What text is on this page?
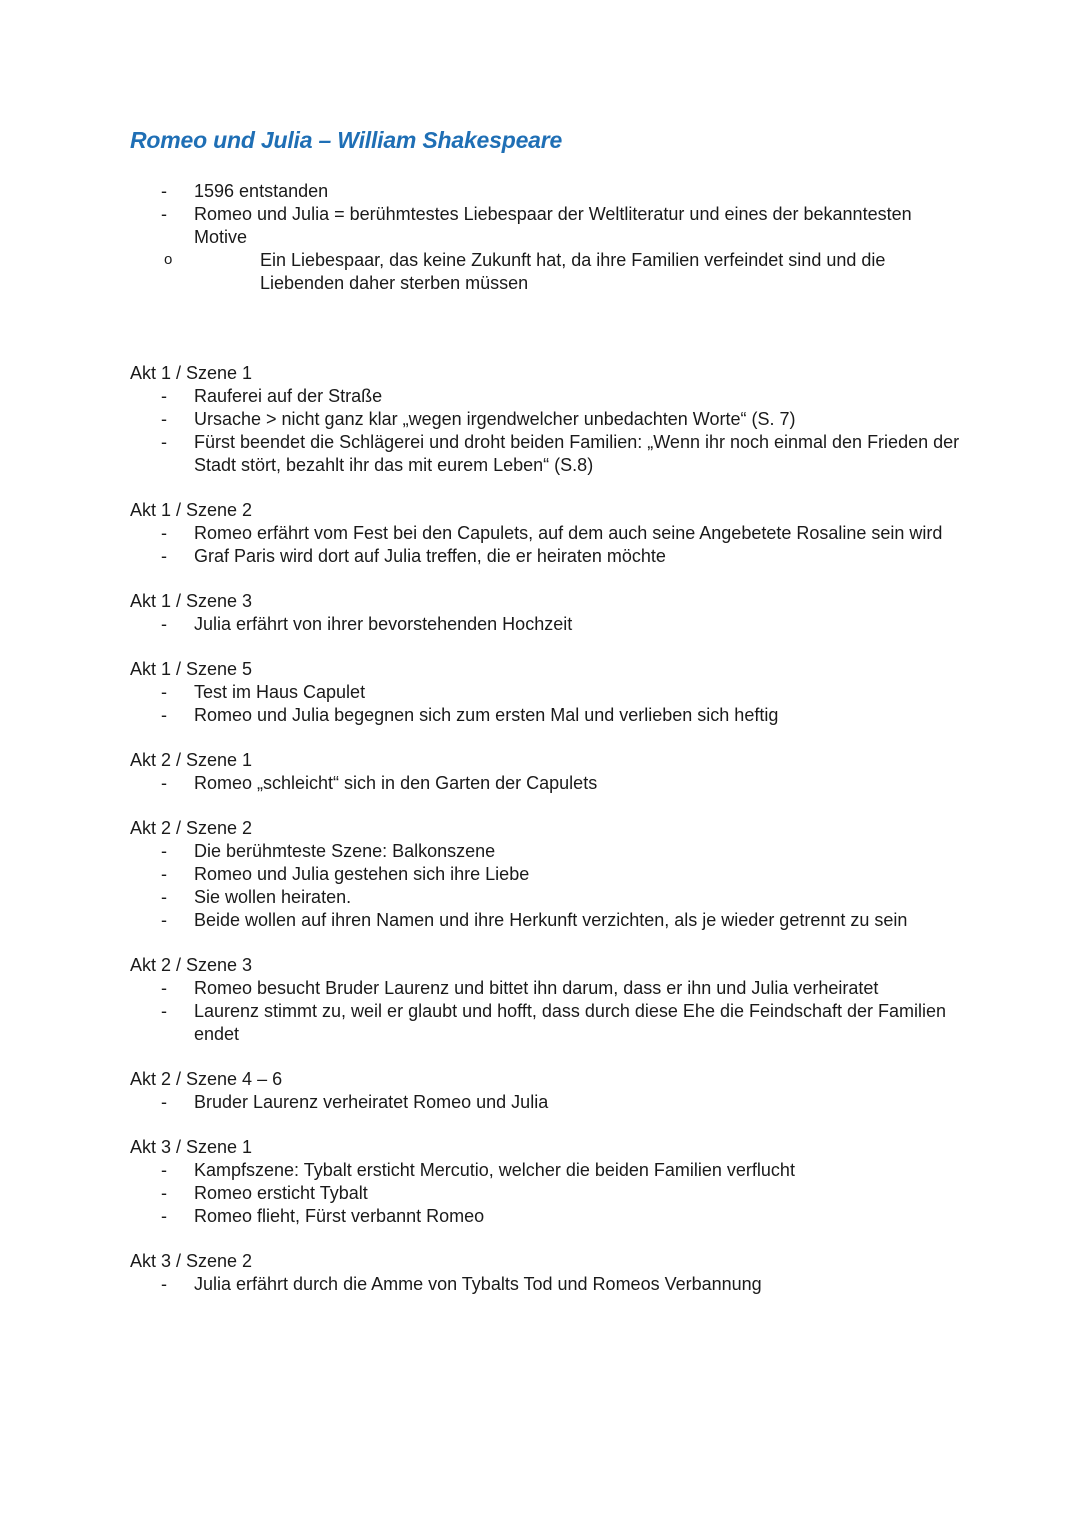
Romeo und Julia – William Shakespeare
- 1596 entstanden
- Romeo und Julia = berühmtestes Liebespaar der Weltliteratur und eines der bekanntesten Motive
o Ein Liebespaar, das keine Zukunft hat, da ihre Familien verfeindet sind und die Liebenden daher sterben müssen
Akt 1 / Szene 1
- Rauferei auf der Straße
- Ursache > nicht ganz klar „wegen irgendwelcher unbedachten Worte“ (S. 7)
- Fürst beendet die Schlägerei und droht beiden Familien: „Wenn ihr noch einmal den Frieden der Stadt stört, bezahlt ihr das mit eurem Leben“ (S.8)
Akt 1 / Szene 2
- Romeo erfährt vom Fest bei den Capulets, auf dem auch seine Angebetete Rosaline sein wird
- Graf Paris wird dort auf Julia treffen, die er heiraten möchte
Akt 1 / Szene 3
- Julia erfährt von ihrer bevorstehenden Hochzeit
Akt 1 / Szene 5
- Test im Haus Capulet
- Romeo und Julia begegnen sich zum ersten Mal und verlieben sich heftig
Akt 2 / Szene 1
- Romeo „schleicht“ sich in den Garten der Capulets
Akt 2 / Szene 2
- Die berühmteste Szene: Balkonszene
- Romeo und Julia gestehen sich ihre Liebe
- Sie wollen heiraten.
- Beide wollen auf ihren Namen und ihre Herkunft verzichten, als je wieder getrennt zu sein
Akt 2 / Szene 3
- Romeo besucht Bruder Laurenz und bittet ihn darum, dass er ihn und Julia verheiratet
- Laurenz stimmt zu, weil er glaubt und hofft, dass durch diese Ehe die Feindschaft der Familien endet
Akt 2 / Szene 4 – 6
- Bruder Laurenz verheiratet Romeo und Julia
Akt 3 / Szene 1
- Kampfszene: Tybalt ersticht Mercutio, welcher die beiden Familien verflucht
- Romeo ersticht Tybalt
- Romeo flieht, Fürst verbannt Romeo
Akt 3 / Szene 2
- Julia erfährt durch die Amme von Tybalts Tod und Romeos Verbannung
